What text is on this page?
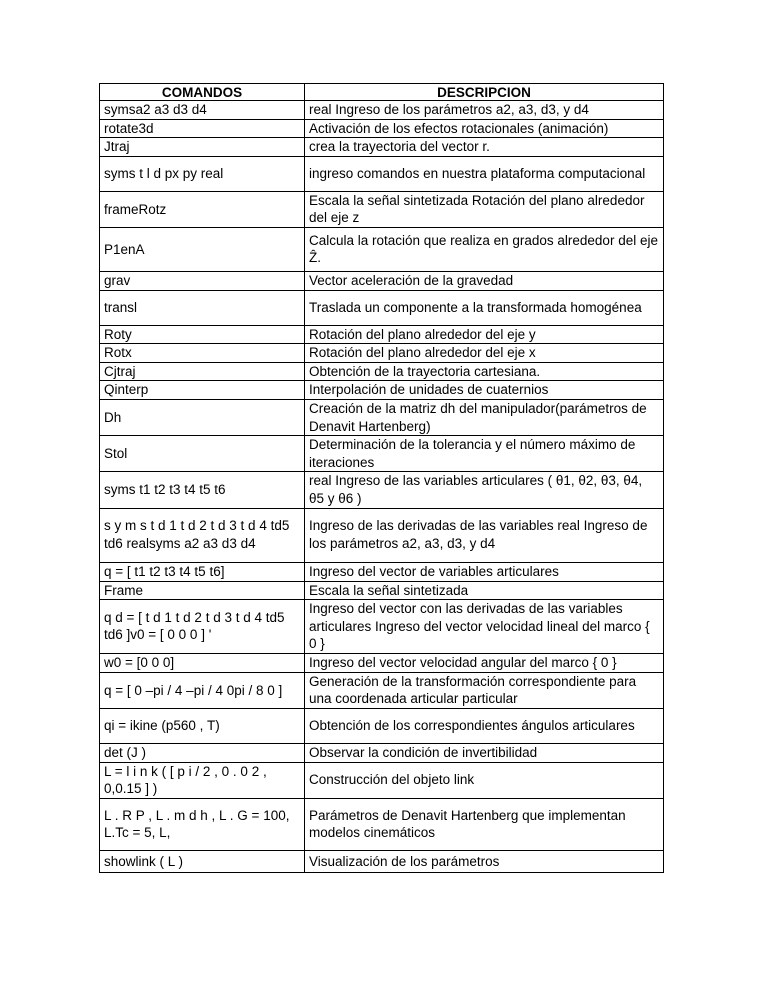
COMANDOS	DESCRIPCION
symsa2 a3 d3 d4	real Ingreso de los parámetros a2, a3, d3, y d4
rotate3d	Activación de los efectos rotacionales (animación)
Jtraj	crea la trayectoria del vector r.
syms t l d px py real	ingreso comandos en nuestra plataforma computacional
frameRotz	Escala la señal sintetizada Rotación del plano alrededor del eje z
P1enA	Calcula la rotación que realiza en grados alrededor del eje Ẑ.
grav	Vector aceleración de la gravedad
transl	Traslada un componente a la transformada homogénea
Roty	Rotación del plano alrededor del eje y
Rotx	Rotación del plano alrededor del eje x
Cjtraj	Obtención de la trayectoria cartesiana.
Qinterp	Interpolación de unidades de cuaternios
Dh	Creación de la matriz dh del manipulador(parámetros de Denavit Hartenberg)
Stol	Determinación de la tolerancia y el número máximo de iteraciones
syms t1 t2 t3 t4 t5 t6	real Ingreso de las variables articulares ( θ1, θ2, θ3, θ4, θ5 y θ6 )
s y m s t d 1 t d 2 t d 3 t d 4 td5 td6 realsyms a2 a3 d3 d4	Ingreso de las derivadas de las variables real Ingreso de los parámetros a2, a3, d3, y d4
q = [ t1 t2 t3 t4 t5 t6]	Ingreso del vector de variables articulares
Frame	Escala la señal sintetizada
q d = [ t d 1 t d 2 t d 3 t d 4 td5 td6 ]v0 = [ 0 0 0 ] '	Ingreso del vector con las derivadas de las variables articulares Ingreso del vector velocidad lineal del marco { 0 }
w0 = [0 0 0]	Ingreso del vector velocidad angular del marco { 0 }
q = [ 0 –pi / 4 –pi / 4 0pi / 8 0 ]	Generación de la transformación correspondiente para una coordenada articular particular
qi = ikine (p560 , T)	Obtención de los correspondientes ángulos articulares
det (J )	Observar la condición de invertibilidad
L = l i n k ( [ p i / 2 , 0 . 0 2 , 0,0.15 ] )	Construcción del objeto link
L . R P , L . m d h , L . G = 100, L.Tc = 5, L,	Parámetros de Denavit Hartenberg que implementan modelos cinemáticos
showlink ( L )	Visualización de los parámetros
